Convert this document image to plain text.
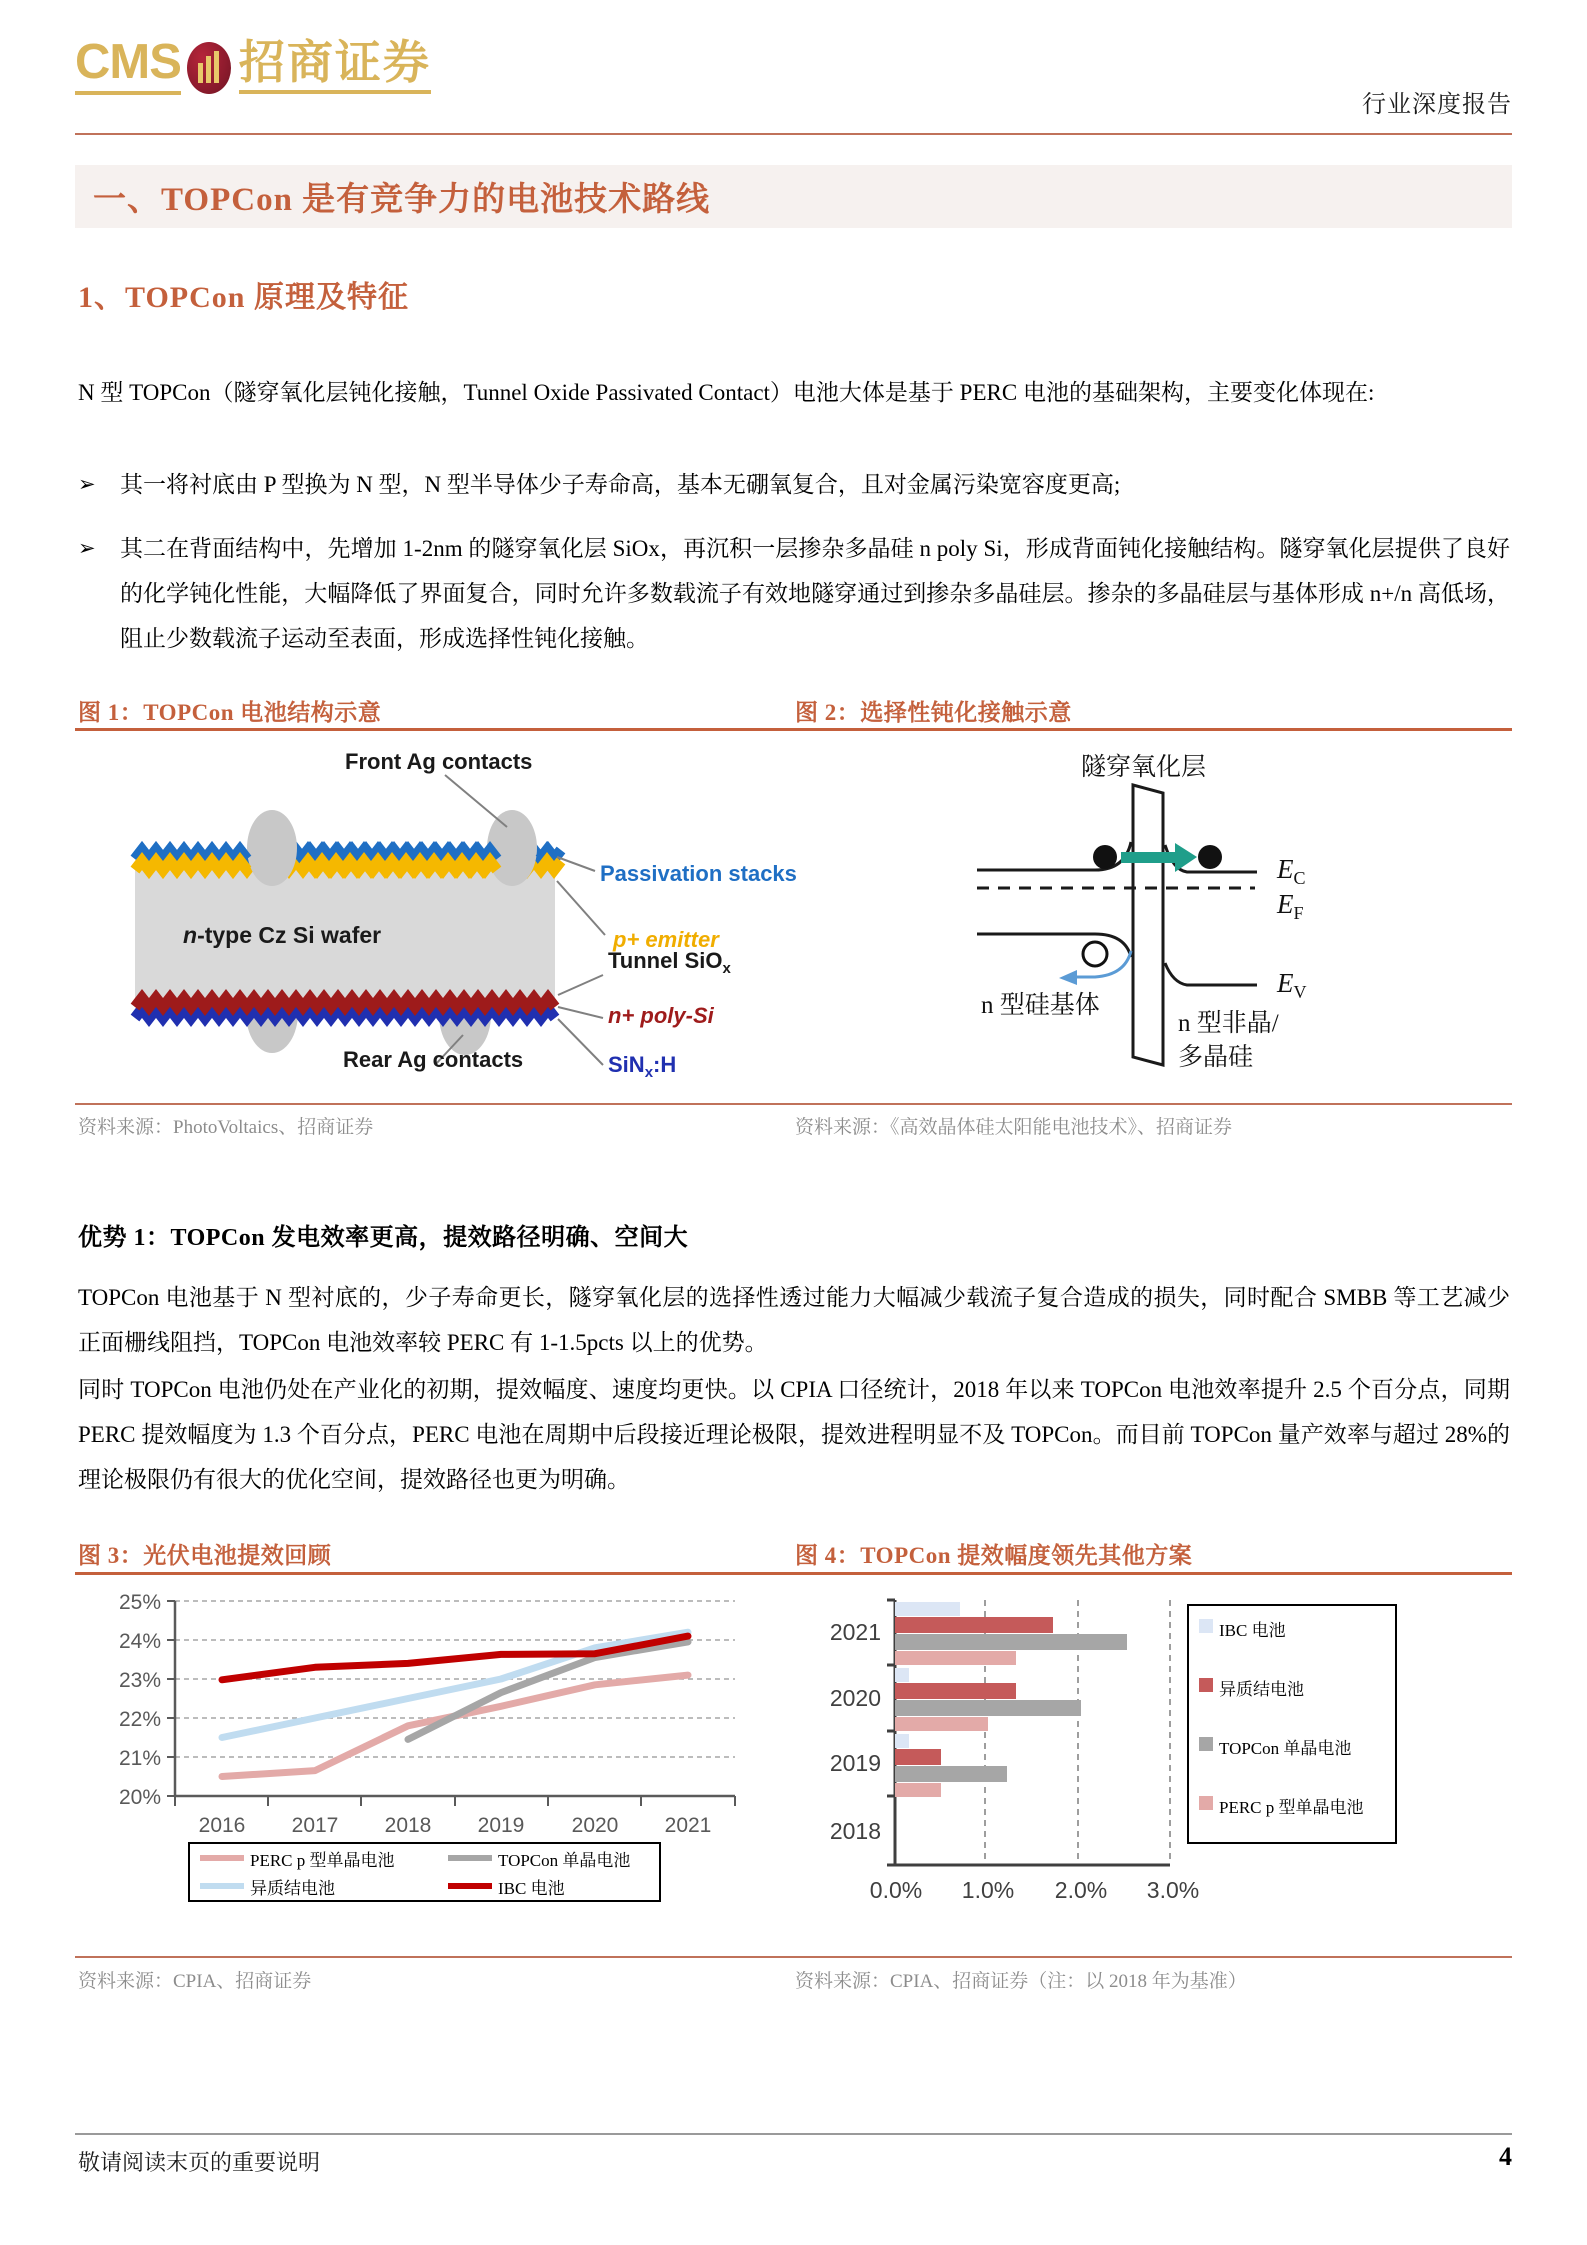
CMS 招商证券
行业深度报告
一、TOPCon 是有竞争力的电池技术路线
1、TOPCon 原理及特征
N 型 TOPCon（隧穿氧化层钝化接触，Tunnel Oxide Passivated Contact）电池大体是基于 PERC 电池的基础架构，主要变化体现在:
➢	其一将衬底由 P 型换为 N 型，N 型半导体少子寿命高，基本无硼氧复合，且对金属污染宽容度更高;
➢	其二在背面结构中，先增加 1-2nm 的隧穿氧化层 SiOx，再沉积一层掺杂多晶硅 n poly Si，形成背面钝化接触结构。隧穿氧化层提供了良好的化学钝化性能，大幅降低了界面复合，同时允许多数载流子有效地隧穿通过到掺杂多晶硅层。掺杂的多晶硅层与基体形成 n+/n 高低场，阻止少数载流子运动至表面，形成选择性钝化接触。
图 1：TOPCon 电池结构示意	图 2：选择性钝化接触示意
Front Ag contacts
Passivation stacks
p+ emitter
n-type Cz Si wafer
Tunnel SiO$_x$
n+ poly-Si
SiN$_x$:H
Rear Ag contacts
隧穿氧化层
$E_C$
$E_F$
$E_V$
n 型硅基体
n 型非晶/
多晶硅
资料来源：PhotoVoltaics、招商证券	资料来源：《高效晶体硅太阳能电池技术》、招商证券
优势 1：TOPCon 发电效率更高，提效路径明确、空间大
TOPCon 电池基于 N 型衬底的，少子寿命更长，隧穿氧化层的选择性透过能力大幅减少载流子复合造成的损失，同时配合 SMBB 等工艺减少正面栅线阻挡，TOPCon 电池效率较 PERC 有 1-1.5pcts 以上的优势。
同时 TOPCon 电池仍处在产业化的初期，提效幅度、速度均更快。以 CPIA 口径统计，2018 年以来 TOPCon 电池效率提升 2.5 个百分点，同期 PERC 提效幅度为 1.3 个百分点，PERC 电池在周期中后段接近理论极限，提效进程明显不及 TOPCon。而目前 TOPCon 量产效率与超过 28%的理论极限仍有很大的优化空间，提效路径也更为明确。
图 3：光伏电池提效回顾	图 4：TOPCon 提效幅度领先其他方案
25%
24%
23%
22%
21%
20%
2016 2017 2018 2019 2020 2021
PERC p 型单晶电池	TOPCon 单晶电池
异质结电池	IBC 电池
2021
2020
2019
2018
0.0% 1.0% 2.0% 3.0%
IBC 电池
异质结电池
TOPCon 单晶电池
PERC p 型单晶电池
资料来源：CPIA、招商证券	资料来源：CPIA、招商证券（注：以 2018 年为基准）
敬请阅读末页的重要说明	4
